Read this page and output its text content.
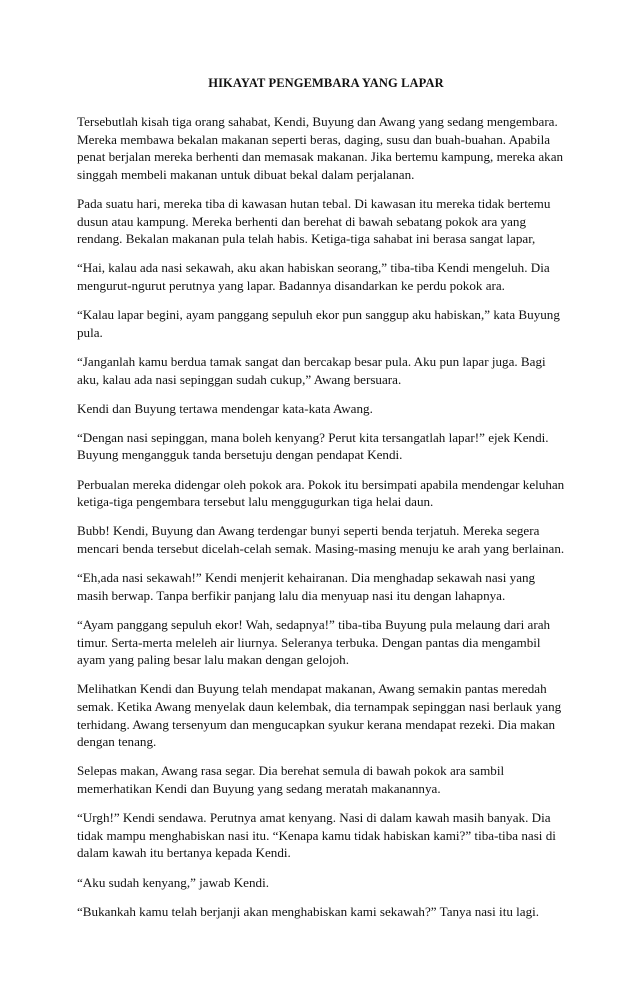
HIKAYAT PENGEMBARA YANG LAPAR

Tersebutlah kisah tiga orang sahabat, Kendi, Buyung dan Awang yang sedang mengembara. Mereka membawa bekalan makanan seperti beras, daging, susu dan buah-buahan. Apabila penat berjalan mereka berhenti dan memasak makanan. Jika bertemu kampung, mereka akan singgah membeli makanan untuk dibuat bekal dalam perjalanan.

Pada suatu hari, mereka tiba di kawasan hutan tebal. Di kawasan itu mereka tidak bertemu dusun atau kampung. Mereka berhenti dan berehat di bawah sebatang pokok ara yang rendang. Bekalan makanan pula telah habis. Ketiga-tiga sahabat ini berasa sangat lapar,

“Hai, kalau ada nasi sekawah, aku akan habiskan seorang,” tiba-tiba Kendi mengeluh. Dia mengurut-ngurut perutnya yang lapar. Badannya disandarkan ke perdu pokok ara.

“Kalau lapar begini, ayam panggang sepuluh ekor pun sanggup aku habiskan,” kata Buyung pula.

“Janganlah kamu berdua tamak sangat dan bercakap besar pula. Aku pun lapar juga. Bagi aku, kalau ada nasi sepinggan sudah cukup,” Awang bersuara.

Kendi dan Buyung tertawa mendengar kata-kata Awang.

“Dengan nasi sepinggan, mana boleh kenyang? Perut kita tersangatlah lapar!” ejek Kendi. Buyung mengangguk tanda bersetuju dengan pendapat Kendi.

Perbualan mereka didengar oleh pokok ara. Pokok itu bersimpati apabila mendengar keluhan ketiga-tiga pengembara tersebut lalu menggugurkan tiga helai daun.

Bubb! Kendi, Buyung dan Awang terdengar bunyi seperti benda terjatuh. Mereka segera mencari benda tersebut dicelah-celah semak. Masing-masing menuju ke arah yang berlainan.

“Eh,ada nasi sekawah!” Kendi menjerit kehairanan. Dia menghadap sekawah nasi yang masih berwap. Tanpa berfikir panjang lalu dia menyuap nasi itu dengan lahapnya.

“Ayam panggang sepuluh ekor! Wah, sedapnya!” tiba-tiba Buyung pula melaung dari arah timur. Serta-merta meleleh air liurnya. Seleranya terbuka. Dengan pantas dia mengambil ayam yang paling besar lalu makan dengan gelojoh.

Melihatkan Kendi dan Buyung telah mendapat makanan, Awang semakin pantas meredah semak. Ketika Awang menyelak daun kelembak, dia ternampak sepinggan nasi berlauk yang terhidang. Awang tersenyum dan mengucapkan syukur kerana mendapat rezeki. Dia makan dengan tenang.

Selepas makan, Awang rasa segar. Dia berehat semula di bawah pokok ara sambil memerhatikan Kendi dan Buyung yang sedang meratah makanannya.

“Urgh!” Kendi sendawa. Perutnya amat kenyang. Nasi di dalam kawah masih banyak. Dia tidak mampu menghabiskan nasi itu. “Kenapa kamu tidak habiskan kami?” tiba-tiba nasi di dalam kawah itu bertanya kepada Kendi.

“Aku sudah kenyang,” jawab Kendi.

“Bukankah kamu telah berjanji akan menghabiskan kami sekawah?” Tanya nasi itu lagi.
